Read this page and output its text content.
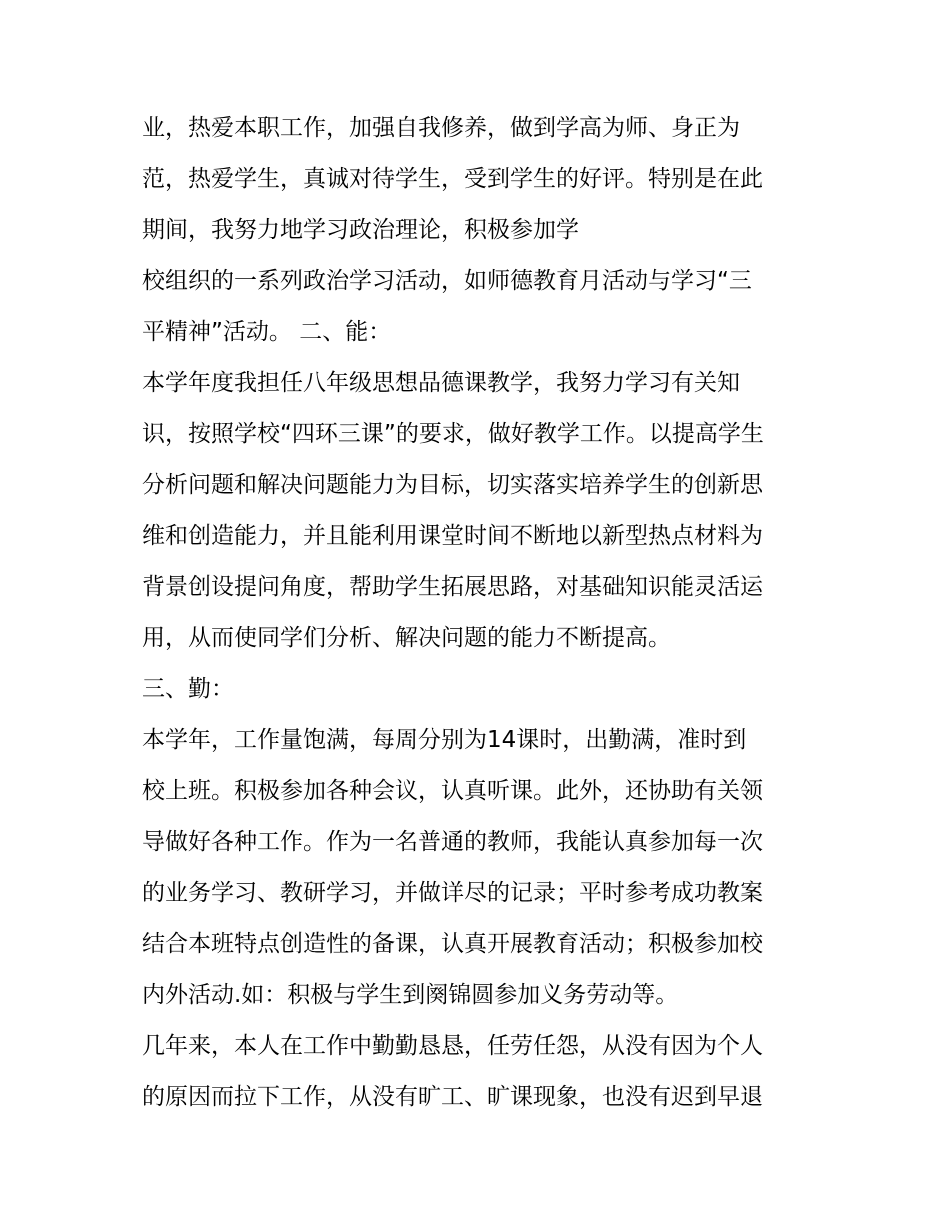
业，热爱本职工作，加强自我修养，做到学高为师、身正为
范，热爱学生，真诚对待学生，受到学生的好评。特别是在此
期间，我努力地学习政治理论，积极参加学
校组织的一系列政治学习活动，如师德教育月活动与学习“三
平精神”活动。 二、能：
本学年度我担任八年级思想品德课教学，我努力学习有关知
识，按照学校“四环三课”的要求，做好教学工作。以提高学生
分析问题和解决问题能力为目标，切实落实培养学生的创新思
维和创造能力，并且能利用课堂时间不断地以新型热点材料为
背景创设提问角度，帮助学生拓展思路，对基础知识能灵活运
用，从而使同学们分析、解决问题的能力不断提高。
三、勤：
本学年，工作量饱满，每周分别为14课时，出勤满，准时到
校上班。积极参加各种会议，认真听课。此外，还协助有关领
导做好各种工作。作为一名普通的教师，我能认真参加每一次
的业务学习、教研学习，并做详尽的记录；平时参考成功教案
结合本班特点创造性的备课，认真开展教育活动；积极参加校
内外活动.如：积极与学生到阕锦圆参加义务劳动等。
几年来，本人在工作中勤勤恳恳，任劳任怨，从没有因为个人
的原因而拉下工作，从没有旷工、旷课现象，也没有迟到早退
